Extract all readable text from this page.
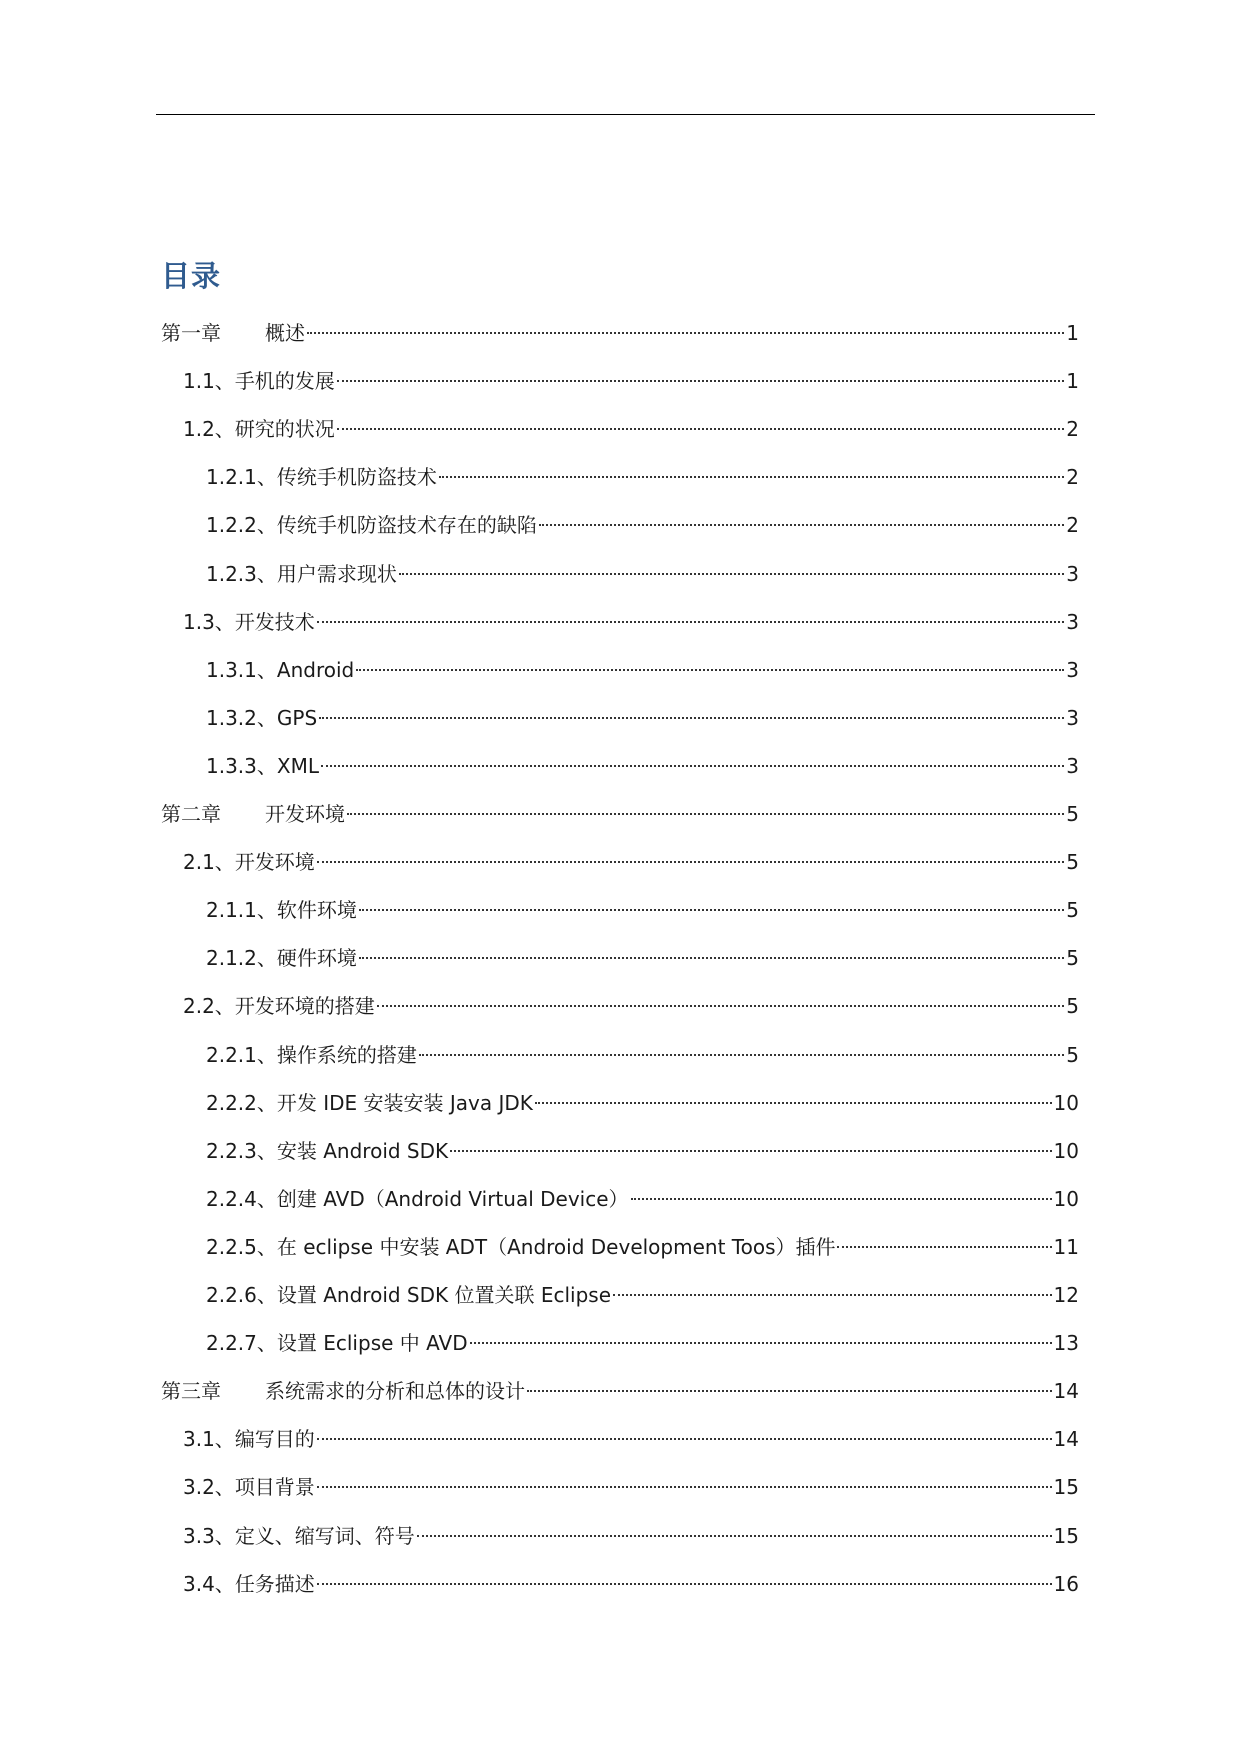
目录
第一章 概述	1
1.1、 手机的发展	1
1.2、 研究的状况	2
1.2.1、 传统手机防盗技术	2
1.2.2、 传统手机防盗技术存在的缺陷	2
1.2.3、 用户需求现状	3
1.3、 开发技术	3
1.3.1、 Android	3
1.3.2、 GPS	3
1.3.3、 XML	3
第二章 开发环境	5
2.1、 开发环境	5
2.1.1、 软件环境	5
2.1.2、 硬件环境	5
2.2、 开发环境的搭建	5
2.2.1、 操作系统的搭建	5
2.2.2、 开发 IDE 安装安装 Java JDK	10
2.2.3、 安装 Android SDK	10
2.2.4、 创建 AVD（Android Virtual Device）	10
2.2.5、 在 eclipse 中安装 ADT（Android Development Toos）插件	11
2.2.6、 设置 Android SDK 位置关联 Eclipse	12
2.2.7、 设置 Eclipse 中 AVD	13
第三章 系统需求的分析和总体的设计	14
3.1、 编写目的	14
3.2、 项目背景	15
3.3、 定义、缩写词、符号	15
3.4、 任务描述	16
